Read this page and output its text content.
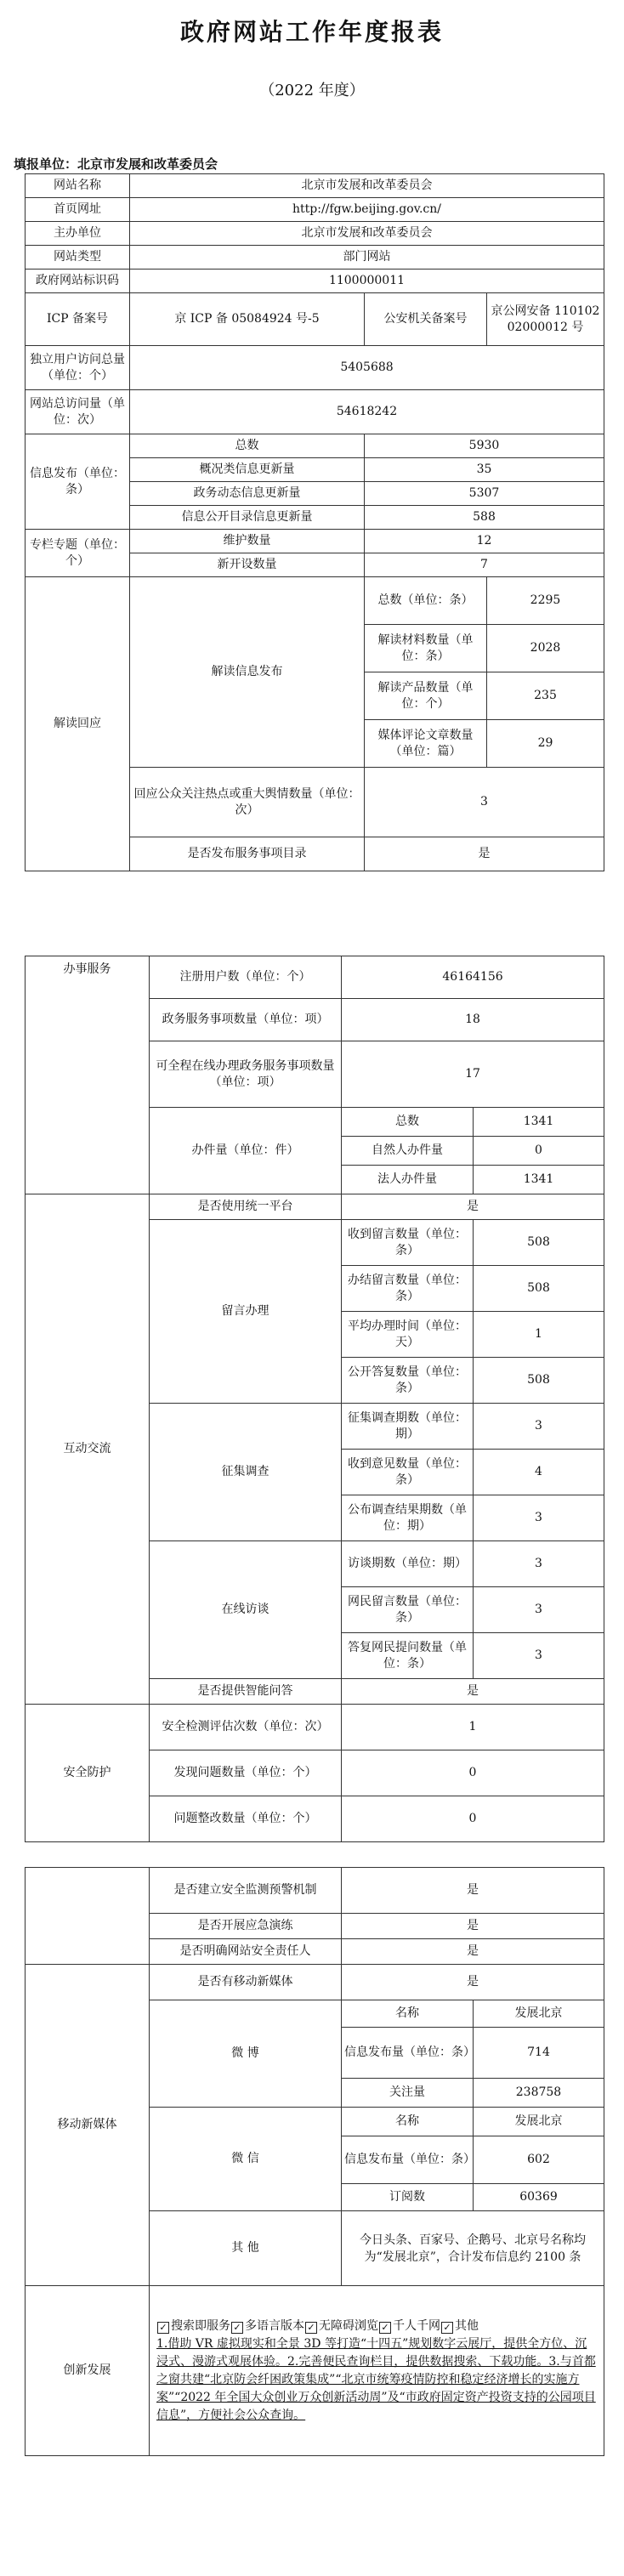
政府网站工作年度报表
（2022 年度）
填报单位：北京市发展和改革委员会
网站名称	北京市发展和改革委员会		
首页网址	http://fgw.beijing.gov.cn/		
主办单位	北京市发展和改革委员会		
网站类型	部门网站		
政府网站标识码	1100000011		
ICP 备案号	京 ICP 备 05084924 号-5	公安机关备案号	京公网安备 11010202000012 号
独立用户访问总量（单位：个）	5405688		
网站总访问量（单位：次）	54618242		
信息发布（单位：条）	总数	5930	
	概况类信息更新量	35	
	政务动态信息更新量	5307	
	信息公开目录信息更新量	588	
专栏专题（单位：个）	维护数量	12	
	新开设数量	7	
解读回应	解读信息发布	总数（单位：条）	2295
		解读材料数量（单位：条）	2028
		解读产品数量（单位：个）	235
		媒体评论文章数量（单位：篇）	29
	回应公众关注热点或重大舆情数量（单位：次）	3	
	是否发布服务事项目录	是	
办事服务	注册用户数（单位：个）	46164156	
	政务服务事项数量（单位：项）	18	
	可全程在线办理政务服务事项数量（单位：项）	17	
	办件量（单位：件）	总数	1341
		自然人办件量	0
		法人办件量	1341
互动交流	是否使用统一平台	是	
	留言办理	收到留言数量（单位：条）	508
		办结留言数量（单位：条）	508
		平均办理时间（单位：天）	1
		公开答复数量（单位：条）	508
	征集调查	征集调查期数（单位：期）	3
		收到意见数量（单位：条）	4
		公布调查结果期数（单位：期）	3
	在线访谈	访谈期数（单位：期）	3
		网民留言数量（单位：条）	3
		答复网民提问数量（单位：条）	3
	是否提供智能问答	是	
安全防护	安全检测评估次数（单位：次）	1	
	发现问题数量（单位：个）	0	
	问题整改数量（单位：个）	0	
	是否建立安全监测预警机制	是	
	是否开展应急演练	是	
	是否明确网站安全责任人	是	
移动新媒体	是否有移动新媒体	是	
	微 博	名称	发展北京
		信息发布量（单位：条）	714
		关注量	238758
	微 信	名称	发展北京
		信息发布量（单位：条）	602
		订阅数	60369
	其 他	今日头条、百家号、企鹅号、北京号名称均为“发展北京”，合计发布信息约 2100 条	
创新发展	✓ 搜索即服务 ✓ 多语言版本 ✓ 无障碍浏览 ✓ 千人千网 ✓ 其他
1.借助 VR 虚拟现实和全景 3D 等打造“十四五”规划数字云展厅，提供全方位、沉浸式、漫游式观展体验。2.完善便民查询栏目，提供数据搜索、下载功能。3.与首都之窗共建“北京防会纤困政策集成”“北京市统筹疫情防控和稳定经济增长的实施方案”“2022 年全国大众创业万众创新活动周”及“市政府固定资产投资支持的公园项目信息”，方便社会公众查询。		
